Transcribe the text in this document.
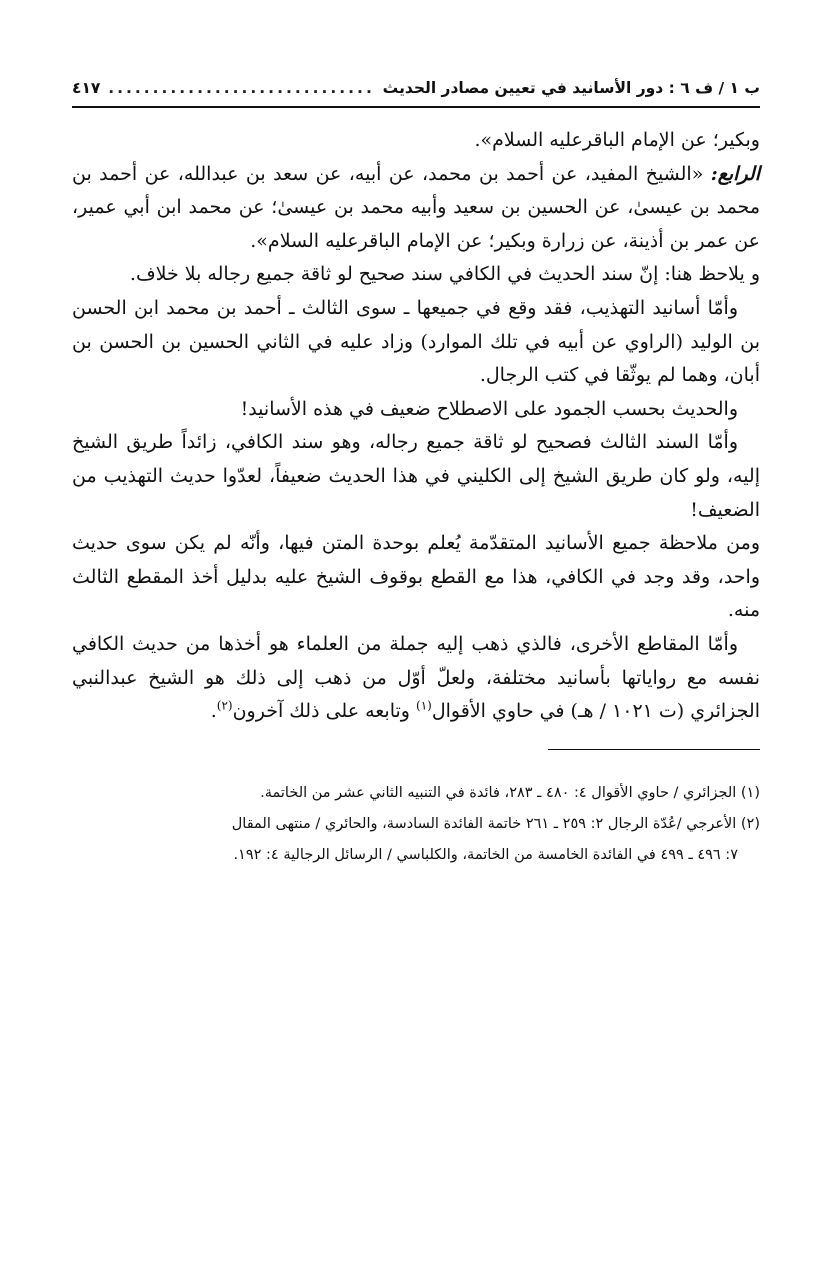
ب ١ / ف ٦ : دور الأسانيد في تعيين مصادر الحديث
..............................
٤١٧

وبكير؛ عن الإمام الباقرعليه السلام».

الرابع: «الشيخ المفيد، عن أحمد بن محمد، عن أبيه، عن سعد بن عبدالله، عن أحمد بن محمد بن عيسىٰ، عن الحسين بن سعيد وأبيه محمد بن عيسىٰ؛ عن محمد ابن أبي عمير، عن عمر بن أذينة، عن زرارة وبكير؛ عن الإمام الباقرعليه السلام».

و يلاحظ هنا: إنّ سند الحديث في الكافي سند صحيح لو ثاقة جميع رجاله بلا خلاف.

وأمّا أسانيد التهذيب، فقد وقع في جميعها ـ سوى الثالث ـ أحمد بن محمد ابن الحسن بن الوليد (الراوي عن أبيه في تلك الموارد) وزاد عليه في الثاني الحسين بن الحسن بن أبان، وهما لم يوثّقا في كتب الرجال.

والحديث بحسب الجمود على الاصطلاح ضعيف في هذه الأسانيد!

وأمّا السند الثالث فصحيح لو ثاقة جميع رجاله، وهو سند الكافي، زائداً طريق الشيخ إليه، ولو كان طريق الشيخ إلى الكليني في هذا الحديث ضعيفاً، لعدّوا حديث التهذيب من الضعيف!

ومن ملاحظة جميع الأسانيد المتقدّمة يُعلم بوحدة المتن فيها، وأنّه لم يكن سوى حديث واحد، وقد وجد في الكافي، هذا مع القطع بوقوف الشيخ عليه بدليل أخذ المقطع الثالث منه.

وأمّا المقاطع الأخرى، فالذي ذهب إليه جملة من العلماء هو أخذها من حديث الكافي نفسه مع رواياتها بأسانيد مختلفة، ولعلّ أوّل من ذهب إلى ذلك هو الشيخ عبدالنبي الجزائري (ت ١٠٢١ / هـ) في حاوي الأقوال$^{(١)}$ وتابعه على ذلك آخرون$^{(٢)}$.

(١) الجزائري / حاوي الأقوال ٤: ٤٨٠ ـ ٢٨٣، فائدة في التنبيه الثاني عشر من الخاتمة.

(٢) الأعرجي /عُدّة الرجال ٢: ٢٥٩ ـ ٢٦١ خاتمة الفائدة السادسة، والحائري / منتهى المقال

٧: ٤٩٦ ـ ٤٩٩ في الفائدة الخامسة من الخاتمة، والكلباسي / الرسائل الرجالية ٤: ١٩٢.
